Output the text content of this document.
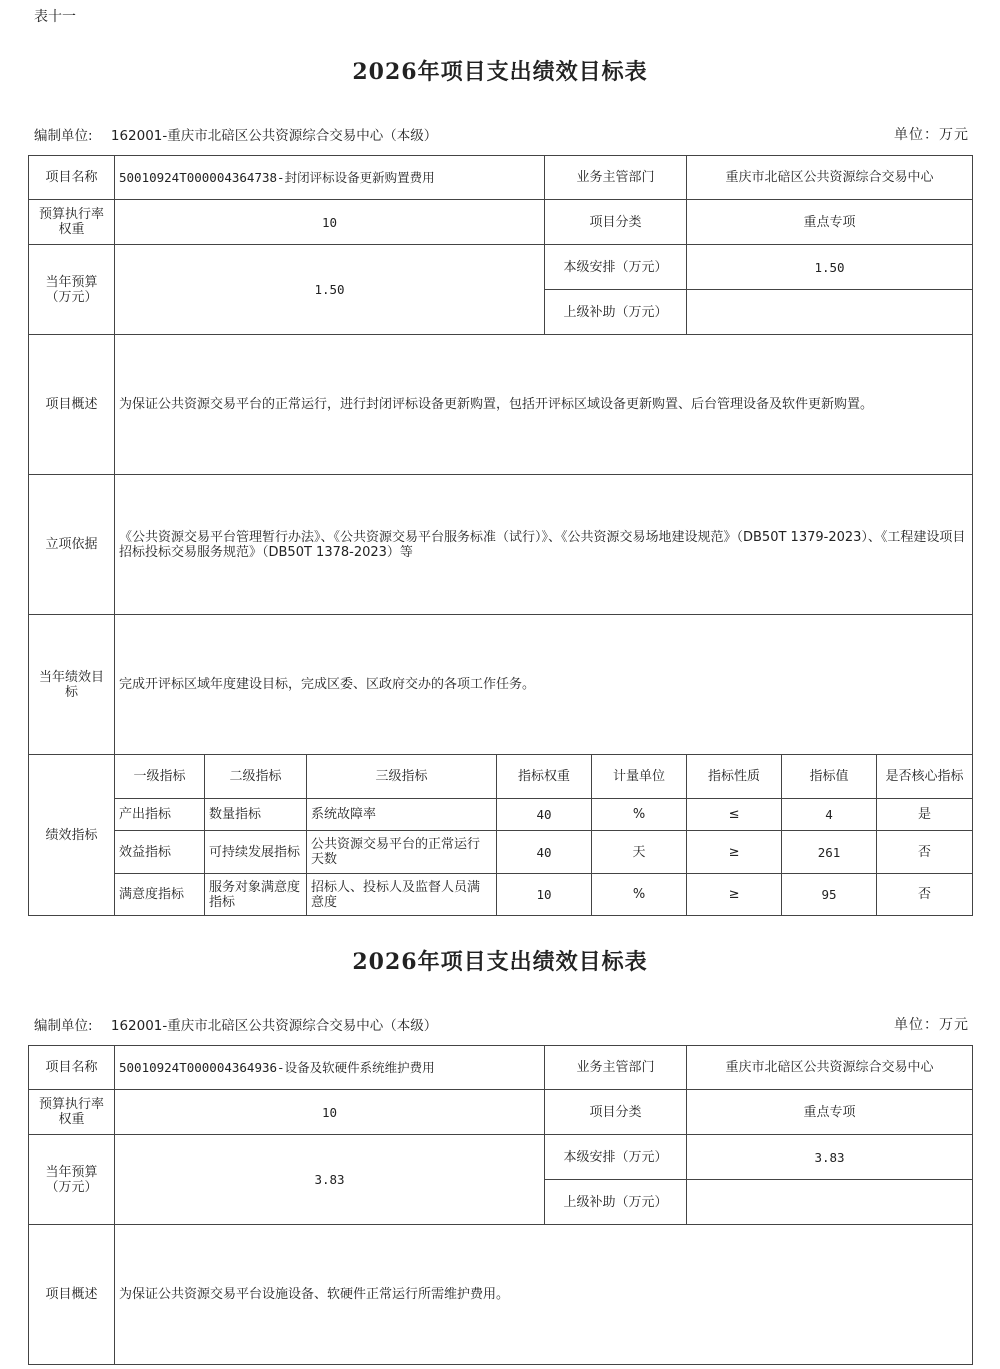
表十一
2026年项目支出绩效目标表
编制单位: 162001-重庆市北碚区公共资源综合交易中心（本级）	单位：万元
项目名称	50010924T000004364738-封闭评标设备更新购置费用				业务主管部门		重庆市北碚区公共资源综合交易中心		
预算执行率权重	10				项目分类		重点专项		
当年预算（万元）	1.50				本级安排（万元）		1.50		
					上级补助（万元）				
项目概述	为保证公共资源交易平台的正常运行，进行封闭评标设备更新购置，包括开评标区域设备更新购置、后台管理设备及软件更新购置。								
立项依据	《公共资源交易平台管理暂行办法》、《公共资源交易平台服务标准（试行）》、《公共资源交易场地建设规范》（DB50T 1379-2023）、《工程建设项目招标投标交易服务规范》（DB50T 1378-2023）等								
当年绩效目标	完成开评标区域年度建设目标，完成区委、区政府交办的各项工作任务。								
绩效指标	一级指标	二级指标	三级指标	指标权重		计量单位	指标性质	指标值	是否核心指标
	产出指标	数量指标	系统故障率	40		%	≤	4	是
	效益指标	可持续发展指标	公共资源交易平台的正常运行天数	40		天	≥	261	否
	满意度指标	服务对象满意度指标	招标人、投标人及监督人员满意度	10		%	≥	95	否
2026年项目支出绩效目标表
编制单位: 162001-重庆市北碚区公共资源综合交易中心（本级）	单位：万元
项目名称	50010924T000004364936-设备及软硬件系统维护费用	业务主管部门	重庆市北碚区公共资源综合交易中心
预算执行率权重	10	项目分类	重点专项
当年预算（万元）	3.83	本级安排（万元）	3.83
		上级补助（万元）	
项目概述	为保证公共资源交易平台设施设备、软硬件正常运行所需维护费用。		
